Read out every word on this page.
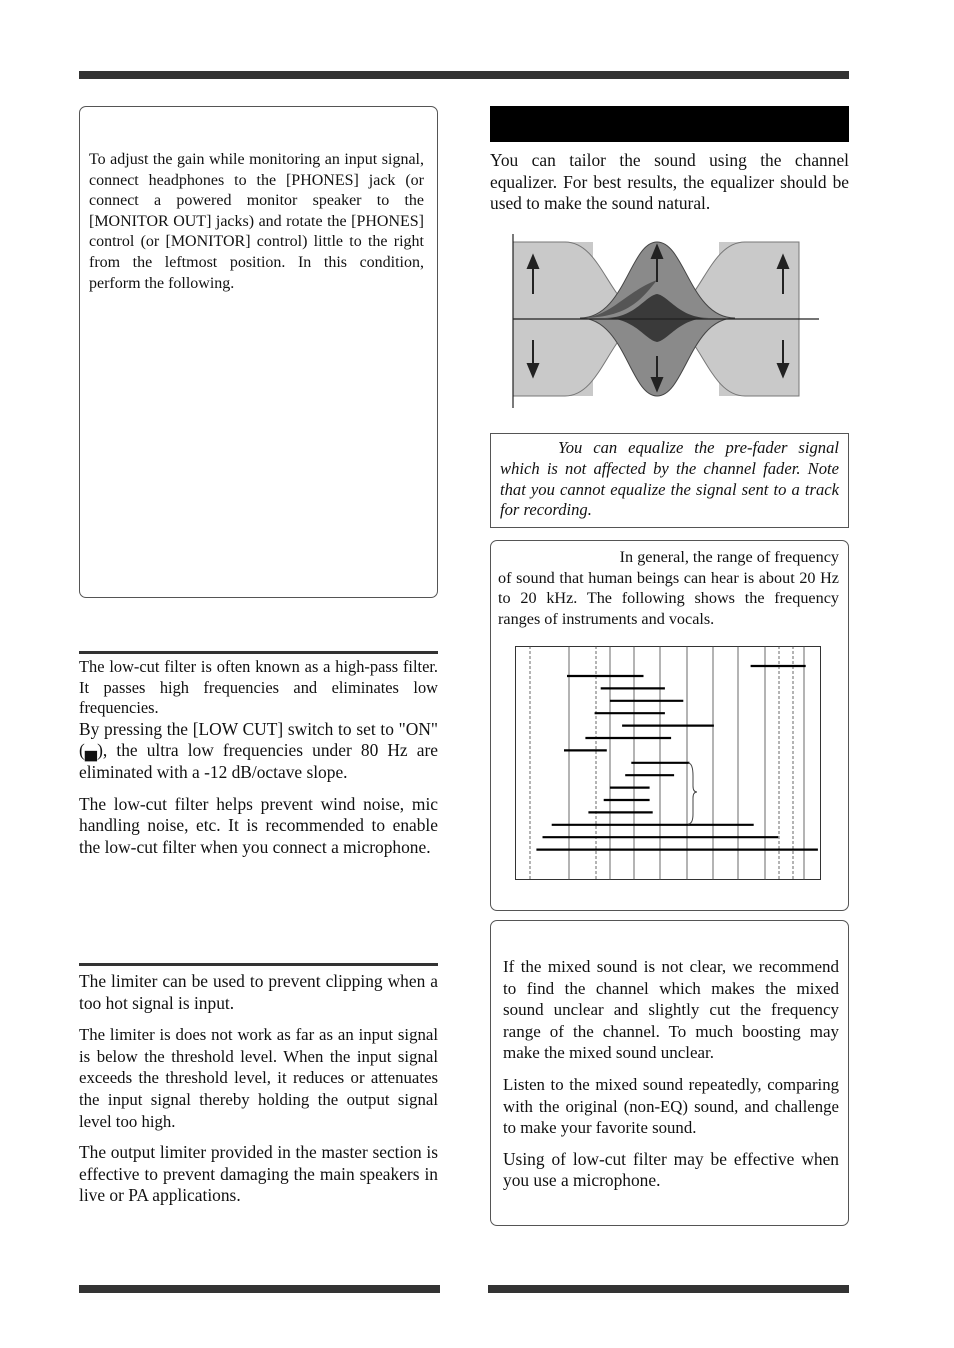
To adjust the gain while monitoring an input signal, connect headphones to the [PHONES] jack (or connect a powered monitor speaker to the [MONITOR OUT] jacks) and rotate the [PHONES] control (or [MONITOR] control) little to the right from the leftmost position. In this condition, perform the following.
The low-cut filter is often known as a high-pass filter. It passes high frequencies and eliminates low frequencies.
By pressing the [LOW CUT] switch to set to "ON" (▄), the ultra low frequencies under 80 Hz are eliminated with a -12 dB/octave slope.
The low-cut filter helps prevent wind noise, mic handling noise, etc. It is recommended to enable the low-cut filter when you connect a microphone.
The limiter can be used to prevent clipping when a too hot signal is input.
The limiter is does not work as far as an input signal is below the threshold level. When the input signal exceeds the threshold level, it reduces or attenuates the input signal thereby holding the output signal level too high.
The output limiter provided in the master section is effective to prevent damaging the main speakers in live or PA applications.
You can tailor the sound using the channel equalizer. For best results, the equalizer should be used to make the sound natural.
You can equalize the pre-fader signal which is not affected by the channel fader. Note that you cannot equalize the signal sent to a track for recording.
In general, the range of frequency
of sound that human beings can hear is about 20 Hz to 20 kHz. The following shows the frequency ranges of instruments and vocals.
If the mixed sound is not clear, we recommend to find the channel which makes the mixed sound unclear and slightly cut the frequency range of the channel. To much boosting may make the mixed sound unclear.
Listen to the mixed sound repeatedly, comparing with the original (non-EQ) sound, and challenge to make your favorite sound.
Using of low-cut filter may be effective when you use a microphone.
